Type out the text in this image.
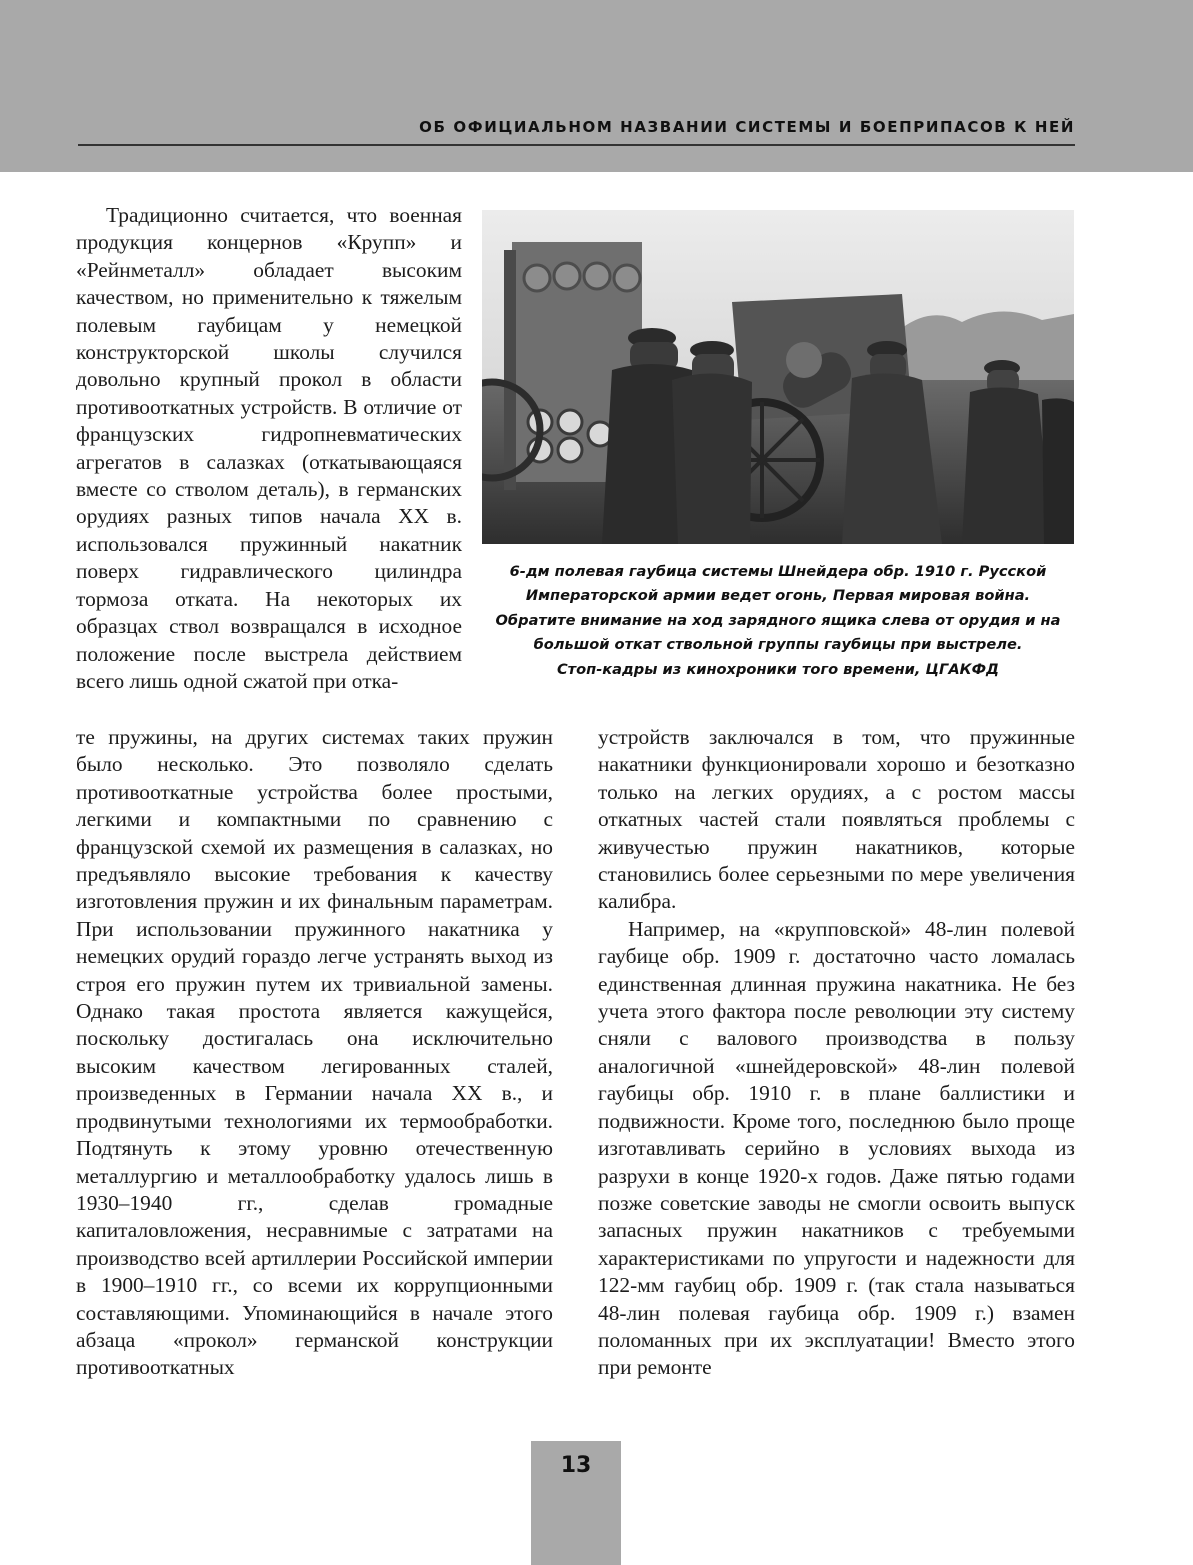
ОБ ОФИЦИАЛЬНОМ НАЗВАНИИ СИСТЕМЫ И БОЕПРИПАСОВ К НЕЙ

Традиционно считается, что военная продукция концернов «Крупп» и «Рейнметалл» обладает высоким качеством, но применительно к тяжелым полевым гаубицам у немецкой конструкторской школы случился довольно крупный прокол в области противооткатных устройств. В отличие от французских гидропневматических агрегатов в салазках (откатывающаяся вместе со стволом деталь), в германских орудиях разных типов начала XX в. использовался пружинный накатник поверх гидравлического цилиндра тормоза отката. На некоторых их образцах ствол возвращался в исходное положение после выстрела действием всего лишь одной сжатой при отка-

6-дм полевая гаубица системы Шнейдера обр. 1910 г. Русской
Императорской армии ведет огонь, Первая мировая война.
Обратите внимание на ход зарядного ящика слева от орудия и на
большой откат ствольной группы гаубицы при выстреле.
Стоп-кадры из кинохроники того времени, ЦГАКФД

те пружины, на других системах таких пружин было несколько. Это позволяло сделать противооткатные устройства более простыми, легкими и компактными по сравнению с французской схемой их размещения в салазках, но предъявляло высокие требования к качеству изготовления пружин и их финальным параметрам. При использовании пружинного накатника у немецких орудий гораздо легче устранять выход из строя его пружин путем их тривиальной замены. Однако такая простота является кажущейся, поскольку достигалась она исключительно высоким качеством легированных сталей, произведенных в Германии начала XX в., и продвинутыми технологиями их термообработки. Подтянуть к этому уровню отечественную металлургию и металлообработку удалось лишь в 1930–1940 гг., сделав громадные капиталовложения, несравнимые с затратами на производство всей артиллерии Российской империи в 1900–1910 гг., со всеми их коррупционными составляющими. Упоминающийся в начале этого абзаца «прокол» германской конструкции противооткатных

устройств заключался в том, что пружинные накатники функционировали хорошо и безотказно только на легких орудиях, а с ростом массы откатных частей стали появляться проблемы с живучестью пружин накатников, которые становились более серьезными по мере увеличения калибра.

Например, на «крупповской» 48-лин полевой гаубице обр. 1909 г. достаточно часто ломалась единственная длинная пружина накатника. Не без учета этого фактора после революции эту систему сняли с валового производства в пользу аналогичной «шнейдеровской» 48-лин полевой гаубицы обр. 1910 г. в плане баллистики и подвижности. Кроме того, последнюю было проще изготавливать серийно в условиях выхода из разрухи в конце 1920-х годов. Даже пятью годами позже советские заводы не смогли освоить выпуск запасных пружин накатников с требуемыми характеристиками по упругости и надежности для 122-мм гаубиц обр. 1909 г. (так стала называться 48-лин полевая гаубица обр. 1909 г.) взамен поломанных при их эксплуатации! Вместо этого при ремонте

13
